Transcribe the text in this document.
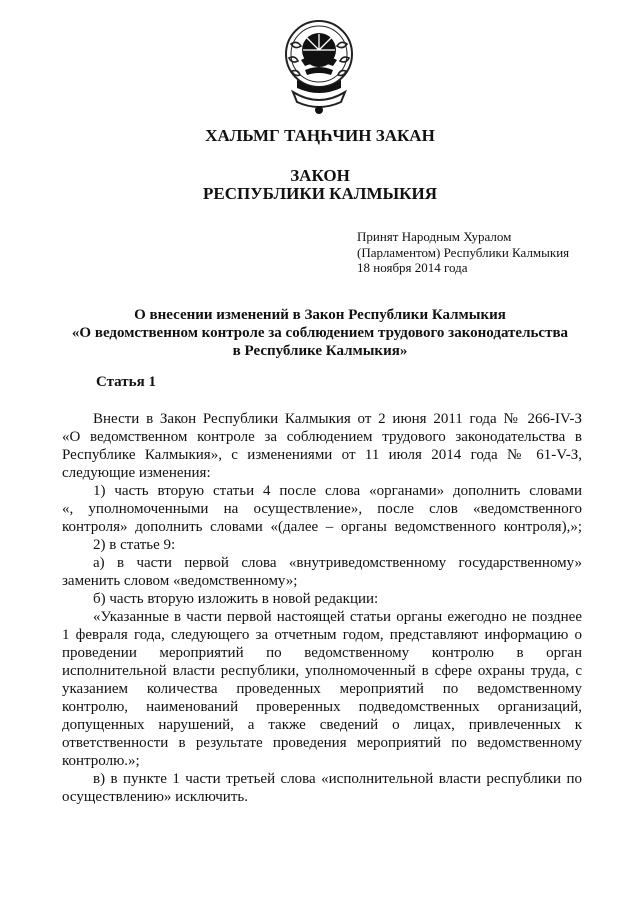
ХАЛЬМГ ТАҢҺЧИН ЗАКАН
ЗАКОН
РЕСПУБЛИКИ КАЛМЫКИЯ
Принят Народным Хуралом
(Парламентом) Республики Калмыкия
18 ноября 2014 года
О внесении изменений в Закон Республики Калмыкия
«О ведомственном контроле за соблюдением трудового законодательства
в Республике Калмыкия»
Статья 1
Внести в Закон Республики Калмыкия от 2 июня 2011 года № 266-IV-З
«О ведомственном контроле за соблюдением трудового законодательства в
Республике Калмыкия», с изменениями от 11 июля 2014 года № 61-V-З,
следующие изменения:
1) часть вторую статьи 4 после слова «органами» дополнить словами
«, уполномоченными на осуществление», после слов «ведомственного
контроля» дополнить словами «(далее – органы ведомственного контроля),»;
2) в статье 9:
а) в части первой слова «внутриведомственному государственному»
заменить словом «ведомственному»;
б) часть вторую изложить в новой редакции:
«Указанные в части первой настоящей статьи органы ежегодно не позднее
1 февраля года, следующего за отчетным годом, представляют информацию о
проведении мероприятий по ведомственному контролю в орган
исполнительной власти республики, уполномоченный в сфере охраны труда, с
указанием количества проведенных мероприятий по ведомственному
контролю, наименований проверенных подведомственных организаций,
допущенных нарушений, а также сведений о лицах, привлеченных к
ответственности в результате проведения мероприятий по ведомственному
контролю.»;
в) в пункте 1 части третьей слова «исполнительной власти республики по
осуществлению» исключить.
